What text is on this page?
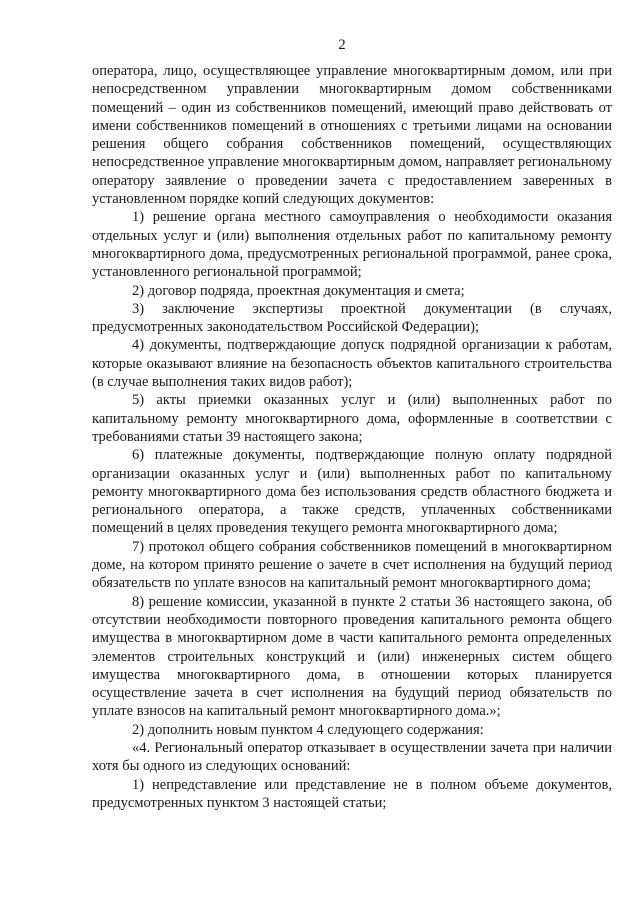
2

оператора, лицо, осуществляющее управление многоквартирным домом, или при непосредственном управлении многоквартирным домом собственниками помещений – один из собственников помещений, имеющий право действовать от имени собственников помещений в отношениях с третьими лицами на основании решения общего собрания собственников помещений, осуществляющих непосредственное управление многоквартирным домом, направляет региональному оператору заявление о проведении зачета с предоставлением заверенных в установленном порядке копий следующих документов:

1) решение органа местного самоуправления о необходимости оказания отдельных услуг и (или) выполнения отдельных работ по капитальному ремонту многоквартирного дома, предусмотренных региональной программой, ранее срока, установленного региональной программой;

2) договор подряда, проектная документация и смета;

3) заключение экспертизы проектной документации (в случаях, предусмотренных законодательством Российской Федерации);

4) документы, подтверждающие допуск подрядной организации к работам, которые оказывают влияние на безопасность объектов капитального строительства (в случае выполнения таких видов работ);

5) акты приемки оказанных услуг и (или) выполненных работ по капитальному ремонту многоквартирного дома, оформленные в соответствии с требованиями статьи 39 настоящего закона;

6) платежные документы, подтверждающие полную оплату подрядной организации оказанных услуг и (или) выполненных работ по капитальному ремонту многоквартирного дома без использования средств областного бюджета и регионального оператора, а также средств, уплаченных собственниками помещений в целях проведения текущего ремонта многоквартирного дома;

7) протокол общего собрания собственников помещений в многоквартирном доме, на котором принято решение о зачете в счет исполнения на будущий период обязательств по уплате взносов на капитальный ремонт многоквартирного дома;

8) решение комиссии, указанной в пункте 2 статьи 36 настоящего закона, об отсутствии необходимости повторного проведения капитального ремонта общего имущества в многоквартирном доме в части капитального ремонта определенных элементов строительных конструкций и (или) инженерных систем общего имущества многоквартирного дома, в отношении которых планируется осуществление зачета в счет исполнения на будущий период обязательств по уплате взносов на капитальный ремонт многоквартирного дома.»;

2) дополнить новым пунктом 4 следующего содержания:

«4. Региональный оператор отказывает в осуществлении зачета при наличии хотя бы одного из следующих оснований:

1) непредставление или представление не в полном объеме документов, предусмотренных пунктом 3 настоящей статьи;
